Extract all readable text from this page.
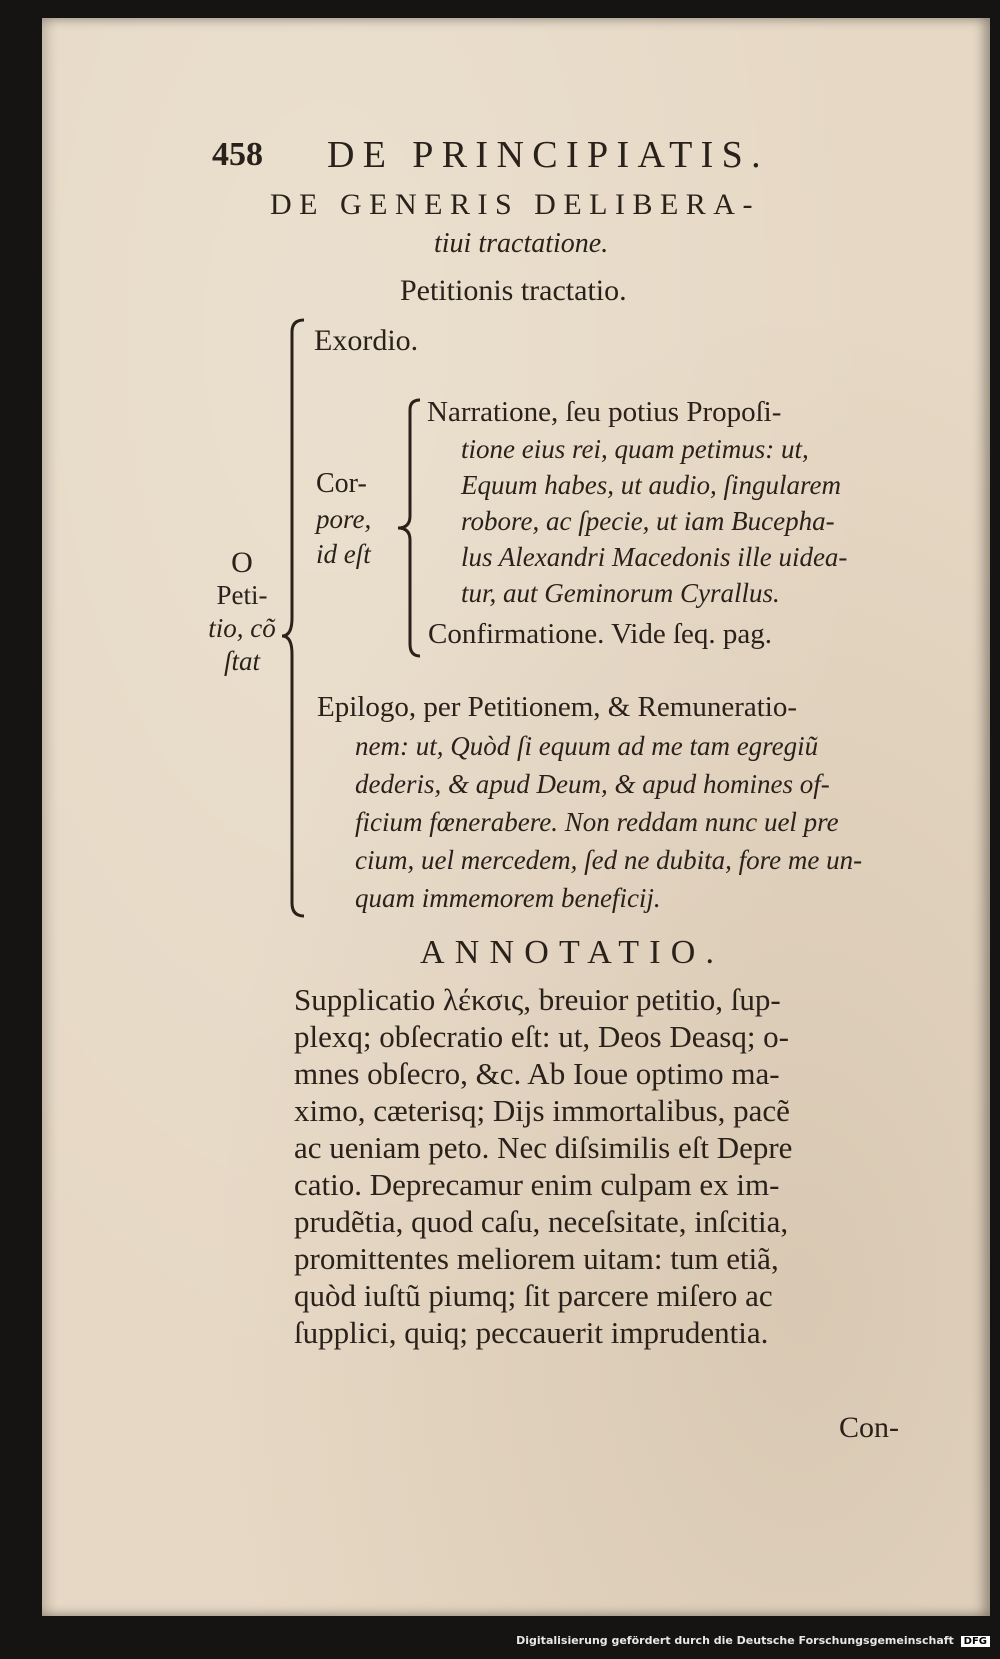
458 DE PRINCIPIATIS.
DE GENERIS DELIBERA-
tiui tractatione.
Petitionis tractatio.
O
Peti-
tio, cõ
ſtat
Exordio.
Cor-
pore,
id eſt
Narratione, ſeu potius Propoſi-
tione eius rei, quam petimus: ut,
Equum habes, ut audio, ſingularem
robore, ac ſpecie, ut iam Bucepha-
lus Alexandri Macedonis ille uidea-
tur, aut Geminorum Cyrallus.
Confirmatione. Vide ſeq. pag.
Epilogo, per Petitionem, & Remuneratio-
nem: ut, Quòd ſi equum ad me tam egregiũ
dederis, & apud Deum, & apud homines of-
ficium fœnerabere. Non reddam nunc uel pre
cium, uel mercedem, ſed ne dubita, fore me un-
quam immemorem beneficij.
ANNOTATIO.
Supplicatio λέκσις, breuior petitio, ſup-
plexq; obſecratio eſt: ut, Deos Deasq; o-
mnes obſecro, &c. Ab Ioue optimo ma-
ximo, cæterisq; Dijs immortalibus, pacẽ
ac ueniam peto. Nec diſsimilis eſt Depre
catio. Deprecamur enim culpam ex im-
prudẽtia, quod caſu, neceſsitate, inſcitia,
promittentes meliorem uitam: tum etiã,
quòd iuſtũ piumq; ſit parcere miſero ac
ſupplici, quiq; peccauerit imprudentia.
Con-
Digitalisierung gefördert durch die Deutsche Forschungsgemeinschaft DFG
